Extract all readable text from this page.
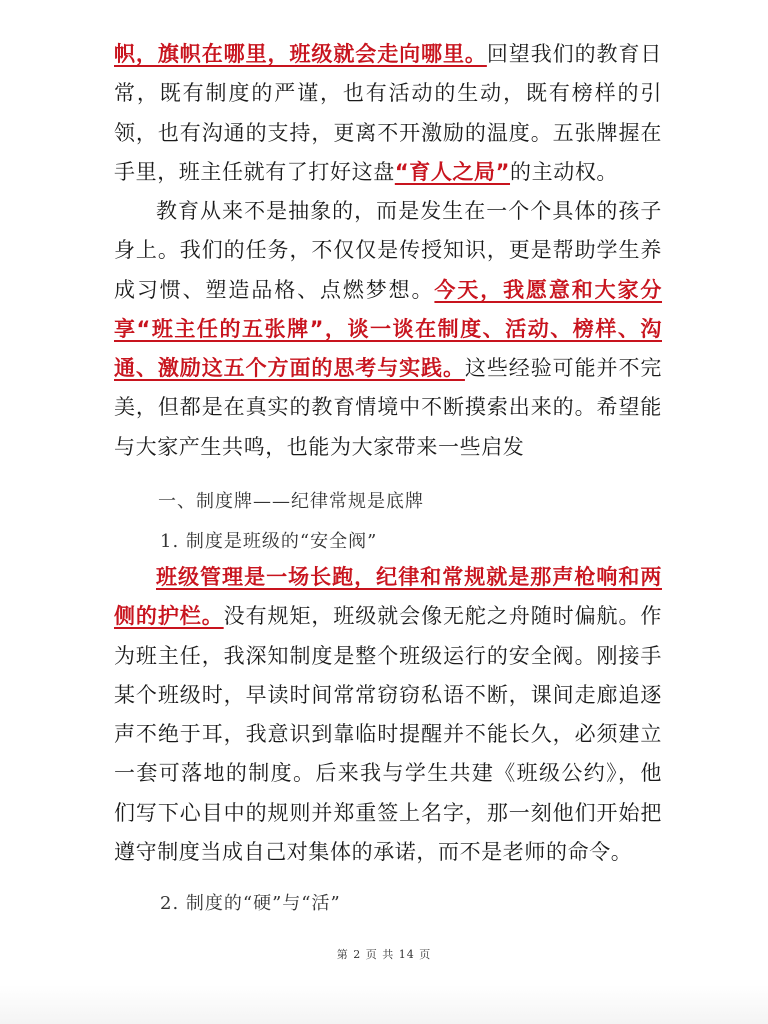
帜，旗帜在哪里，班级就会走向哪里。回望我们的教育日常，既有制度的严谨，也有活动的生动，既有榜样的引领，也有沟通的支持，更离不开激励的温度。五张牌握在手里，班主任就有了打好这盘“育人之局”的主动权。

教育从来不是抽象的，而是发生在一个个具体的孩子身上。我们的任务，不仅仅是传授知识，更是帮助学生养成习惯、塑造品格、点燃梦想。今天，我愿意和大家分享“班主任的五张牌”，谈一谈在制度、活动、榜样、沟通、激励这五个方面的思考与实践。这些经验可能并不完美，但都是在真实的教育情境中不断摸索出来的。希望能与大家产生共鸣，也能为大家带来一些启发

一、制度牌——纪律常规是底牌

1. 制度是班级的“安全阀”

班级管理是一场长跑，纪律和常规就是那声枪响和两侧的护栏。没有规矩，班级就会像无舵之舟随时偏航。作为班主任，我深知制度是整个班级运行的安全阀。刚接手某个班级时，早读时间常常窃窃私语不断，课间走廊追逐声不绝于耳，我意识到靠临时提醒并不能长久，必须建立一套可落地的制度。后来我与学生共建《班级公约》，他们写下心目中的规则并郑重签上名字，那一刻他们开始把遵守制度当成自己对集体的承诺，而不是老师的命令。

2. 制度的“硬”与“活”

第 2 页 共 14 页
